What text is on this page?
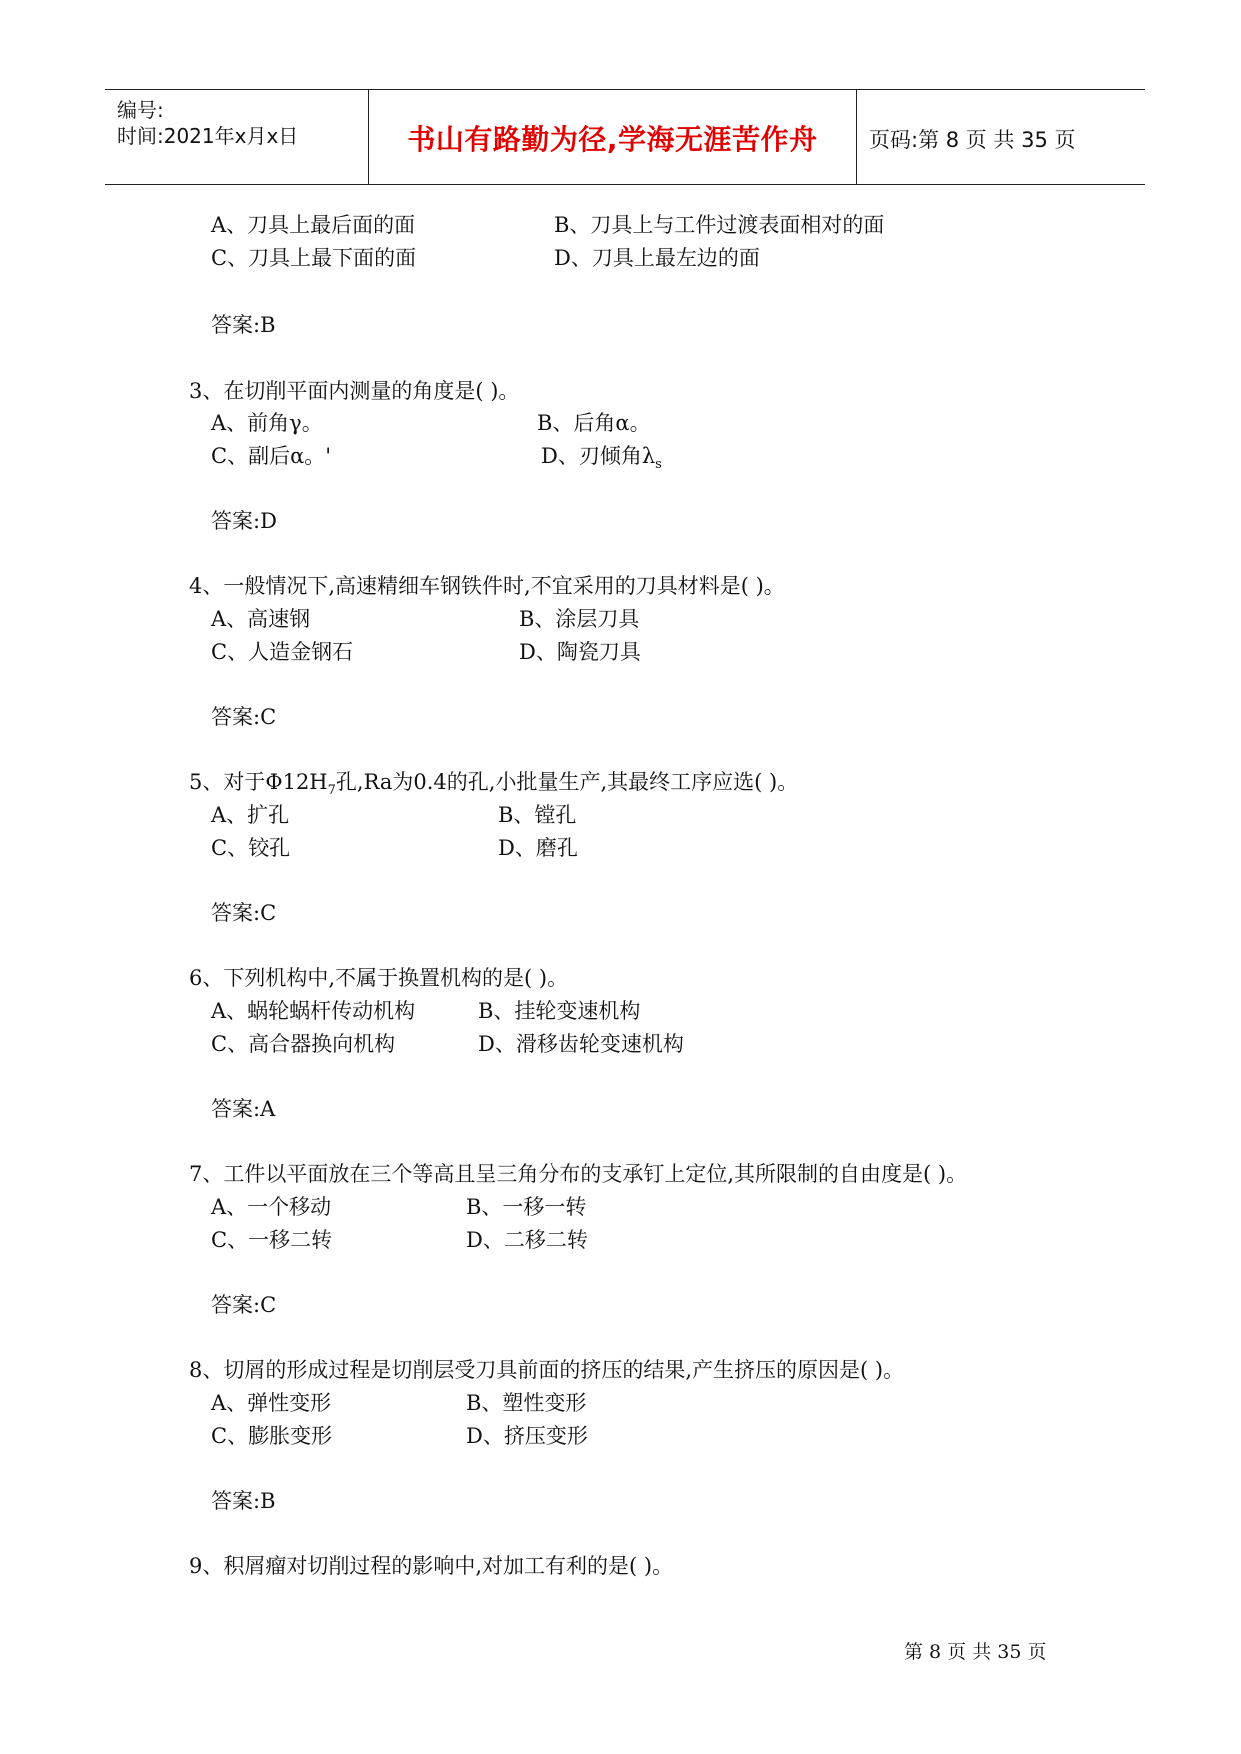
编号:
时间:2021年x月x日	书山有路勤为径,学海无涯苦作舟	页码:第 8 页 共 35 页
A、刀具上最后面的面	B、刀具上与工件过渡表面相对的面
C、刀具上最下面的面	D、刀具上最左边的面
答案:B
3、在切削平面内测量的角度是( )。
A、前角γ。	B、后角α。
C、副后α。'	D、刃倾角$\lambda_s$
答案:D
4、一般情况下,高速精细车钢铁件时,不宜采用的刀具材料是( )。
A、高速钢	B、涂层刀具
C、人造金钢石	D、陶瓷刀具
答案:C
5、对于$\Phi 12H_7$孔,Ra为0.4的孔,小批量生产,其最终工序应选( )。
A、扩孔	B、镗孔
C、铰孔	D、磨孔
答案:C
6、下列机构中,不属于换置机构的是( )。
A、蜗轮蜗杆传动机构	B、挂轮变速机构
C、高合器换向机构	D、滑移齿轮变速机构
答案:A
7、工件以平面放在三个等高且呈三角分布的支承钉上定位,其所限制的自由度是( )。
A、一个移动	B、一移一转
C、一移二转	D、二移二转
答案:C
8、切屑的形成过程是切削层受刀具前面的挤压的结果,产生挤压的原因是( )。
A、弹性变形	B、塑性变形
C、膨胀变形	D、挤压变形
答案:B
9、积屑瘤对切削过程的影响中,对加工有利的是( )。
第 8 页 共 35 页
